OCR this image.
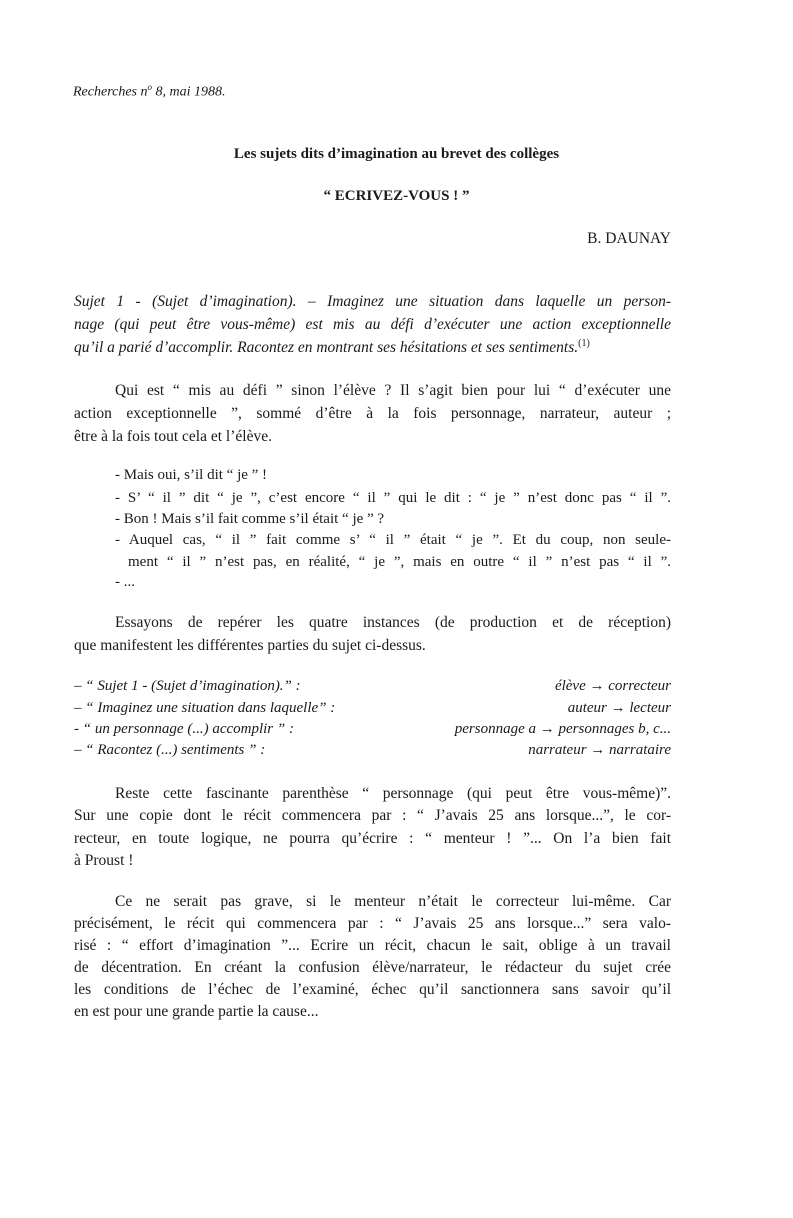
Recherches $n^o$ 8, mai 1988.
Les sujets dits d’imagination au brevet des collèges
“ ECRIVEZ-VOUS ! ”
B. DAUNAY
Sujet 1 - (Sujet d’imagination). – Imaginez une situation dans laquelle un person-
nage (qui peut être vous-même) est mis au défi d’exécuter une action exceptionnelle
qu’il a parié d’accomplir. Racontez en montrant ses hésitations et ses sentiments.$^{(1)}$
Qui est “ mis au défi ” sinon l’élève ? Il s’agit bien pour lui “ d’exécuter une
action exceptionnelle ”, sommé d’être à la fois personnage, narrateur, auteur ;
être à la fois tout cela et l’élève.
- Mais oui, s’il dit “ je ” !
- S’ “ il ” dit “ je ”, c’est encore “ il ” qui le dit : “ je ” n’est donc pas “ il ”.
- Bon ! Mais s’il fait comme s’il était “ je ” ?
- Auquel cas, “ il ” fait comme s’ “ il ” était “ je ”. Et du coup, non seule-
ment “ il ” n’est pas, en réalité, “ je ”, mais en outre “ il ” n’est pas “ il ”.
- ...
Essayons de repérer les quatre instances (de production et de réception)
que manifestent les différentes parties du sujet ci-dessus.
– “ Sujet 1 - (Sujet d’imagination).” :	élève → correcteur
– “ Imaginez une situation dans laquelle” :	auteur → lecteur
- “ un personnage (...) accomplir ” :	personnage a → personnages b, c...
– “ Racontez (...) sentiments ” :	narrateur → narrataire
Reste cette fascinante parenthèse “ personnage (qui peut être vous-même)”.
Sur une copie dont le récit commencera par : “ J’avais 25 ans lorsque...”, le cor-
recteur, en toute logique, ne pourra qu’écrire : “ menteur ! ”... On l’a bien fait
à Proust !
Ce ne serait pas grave, si le menteur n’était le correcteur lui-même. Car
précisément, le récit qui commencera par : “ J’avais 25 ans lorsque...” sera valo-
risé : “ effort d’imagination ”... Ecrire un récit, chacun le sait, oblige à un travail
de décentration. En créant la confusion élève/narrateur, le rédacteur du sujet crée
les conditions de l’échec de l’examiné, échec qu’il sanctionnera sans savoir qu’il
en est pour une grande partie la cause...
